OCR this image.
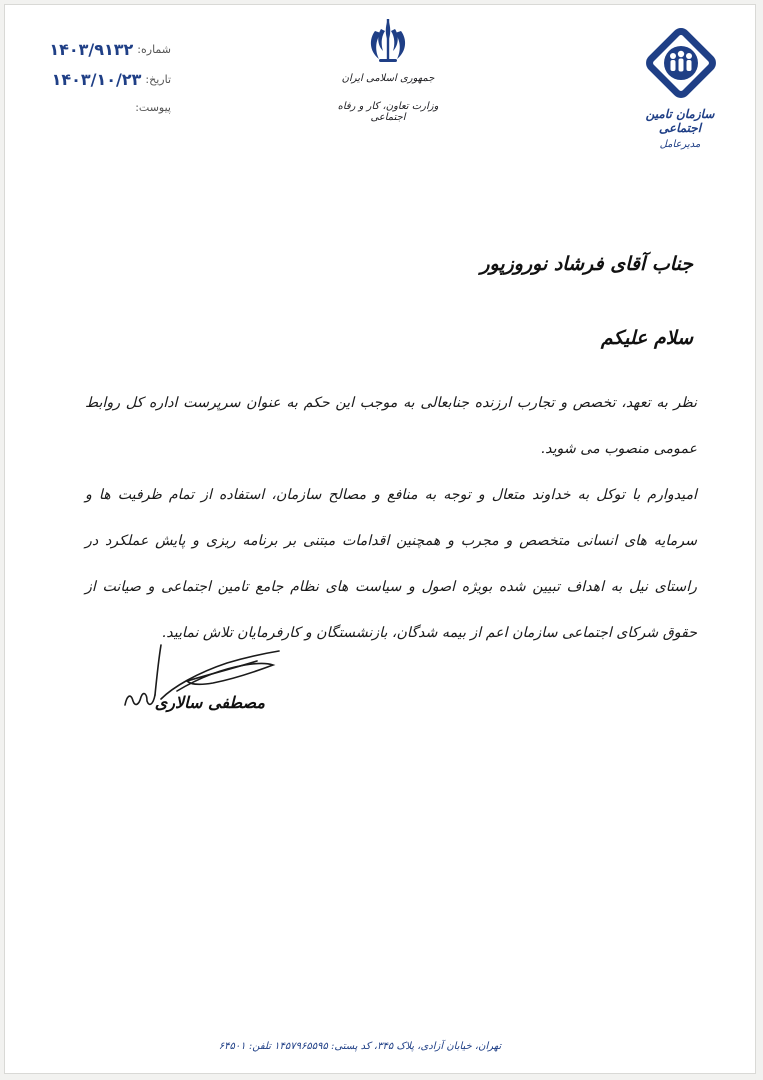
شماره:
۱۴۰۳/۹۱۳۲
تاریخ:
۱۴۰۳/۱۰/۲۳
پیوست:
جمهوری اسلامی ایران
وزارت تعاون، کار و رفاه اجتماعی	سازمان تامین اجتماعی
مدیرعامل
جناب آقای فرشاد نوروزپور
سلام علیکم

نظر به تعهد، تخصص و تجارب ارزنده جنابعالی به موجب این حکم به عنوان سرپرست اداره کل روابط عمومی منصوب می شوید.

امیدوارم با توکل به خداوند متعال و توجه به منافع و مصالح سازمان، استفاده از تمام ظرفیت ها و سرمایه های انسانی متخصص و مجرب و همچنین اقدامات مبتنی بر برنامه ریزی و پایش عملکرد در راستای نیل به اهداف تبیین شده بویژه اصول و سیاست های نظام جامع تامین اجتماعی و صیانت از حقوق شرکای اجتماعی سازمان اعم از بیمه شدگان، بازنشستگان و کارفرمایان تلاش نمایید.

مصطفی سالاری
تهران، خیابان آزادی، پلاک ۳۴۵، کد پستی: ۱۴۵۷۹۶۵۵۹۵ تلفن: ۶۴۵۰۱
